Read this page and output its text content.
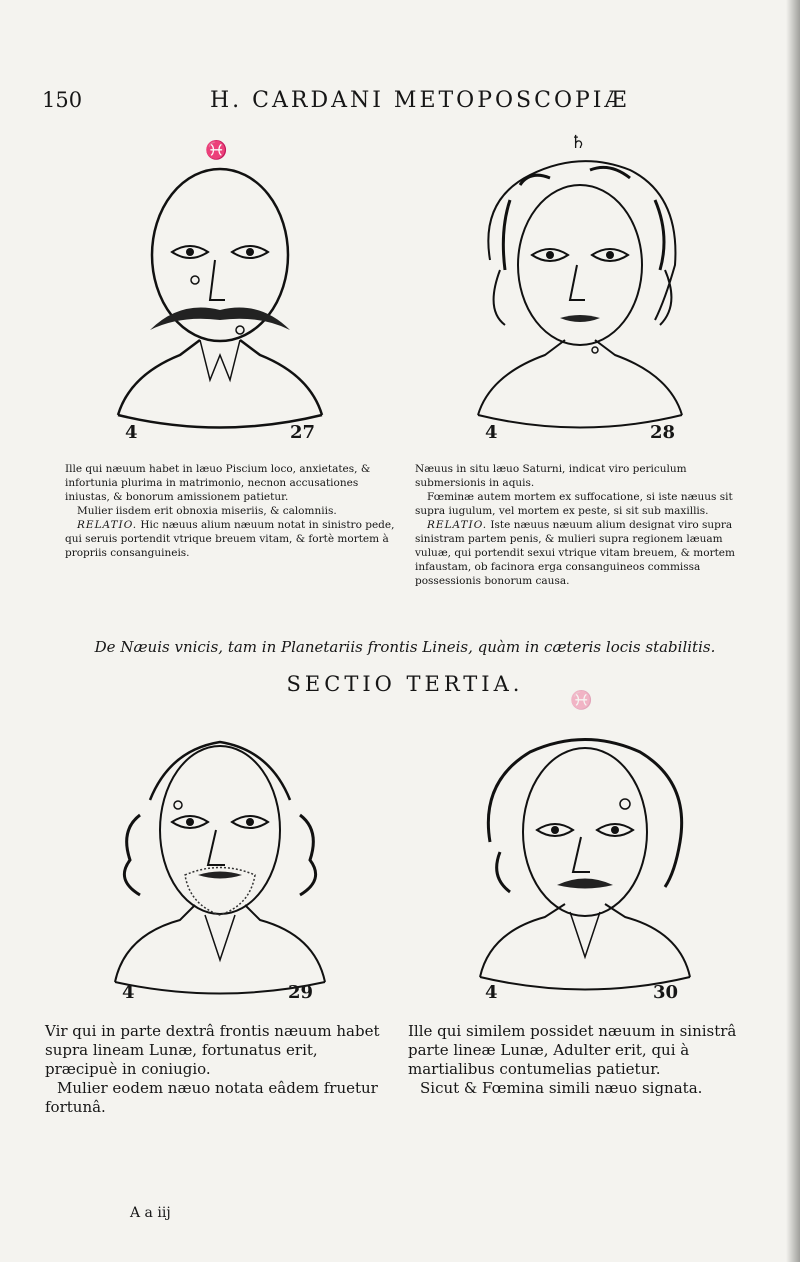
150	H. CARDANI METOPOSCOPIÆ
♓
4	27
♄
4	28

Ille qui næuum habet in læuo Piscium loco, anxietates, & infortunia plurima in matrimonio, necnon accusationes iniustas, & bonorum amissionem patietur.

Mulier iisdem erit obnoxia miseriis, & calomniis.

RELATIO. Hic næuus alium næuum notat in sinistro pede, qui seruis portendit vtrique breuem vitam, & fortè mortem à propriis consanguineis.

Næuus in situ læuo Saturni, indicat viro periculum submersionis in aquis.

Fœminæ autem mortem ex suffocatione, si iste næuus sit supra iugulum, vel mortem ex peste, si sit sub maxillis.

RELATIO. Iste næuus næuum alium designat viro supra sinistram partem penis, & mulieri supra regionem læuam vuluæ, qui portendit sexui vtrique vitam breuem, & mortem infaustam, ob facinora erga consanguineos commissa possessionis bonorum causa.

De Næuis vnicis, tam in Planetariis frontis Lineis, quàm in cæteris locis stabilitis.
SECTIO TERTIA.
4	29
♓
4	30

Vir qui in parte dextrâ frontis næuum habet supra lineam Lunæ, fortunatus erit, præcipuè in coniugio.

Mulier eodem næuo notata eâdem fruetur fortunâ.

Ille qui similem possidet næuum in sinistrâ parte lineæ Lunæ, Adulter erit, qui à martialibus contumelias patietur.

Sicut & Fœmina simili næuo signata.

A a iij
